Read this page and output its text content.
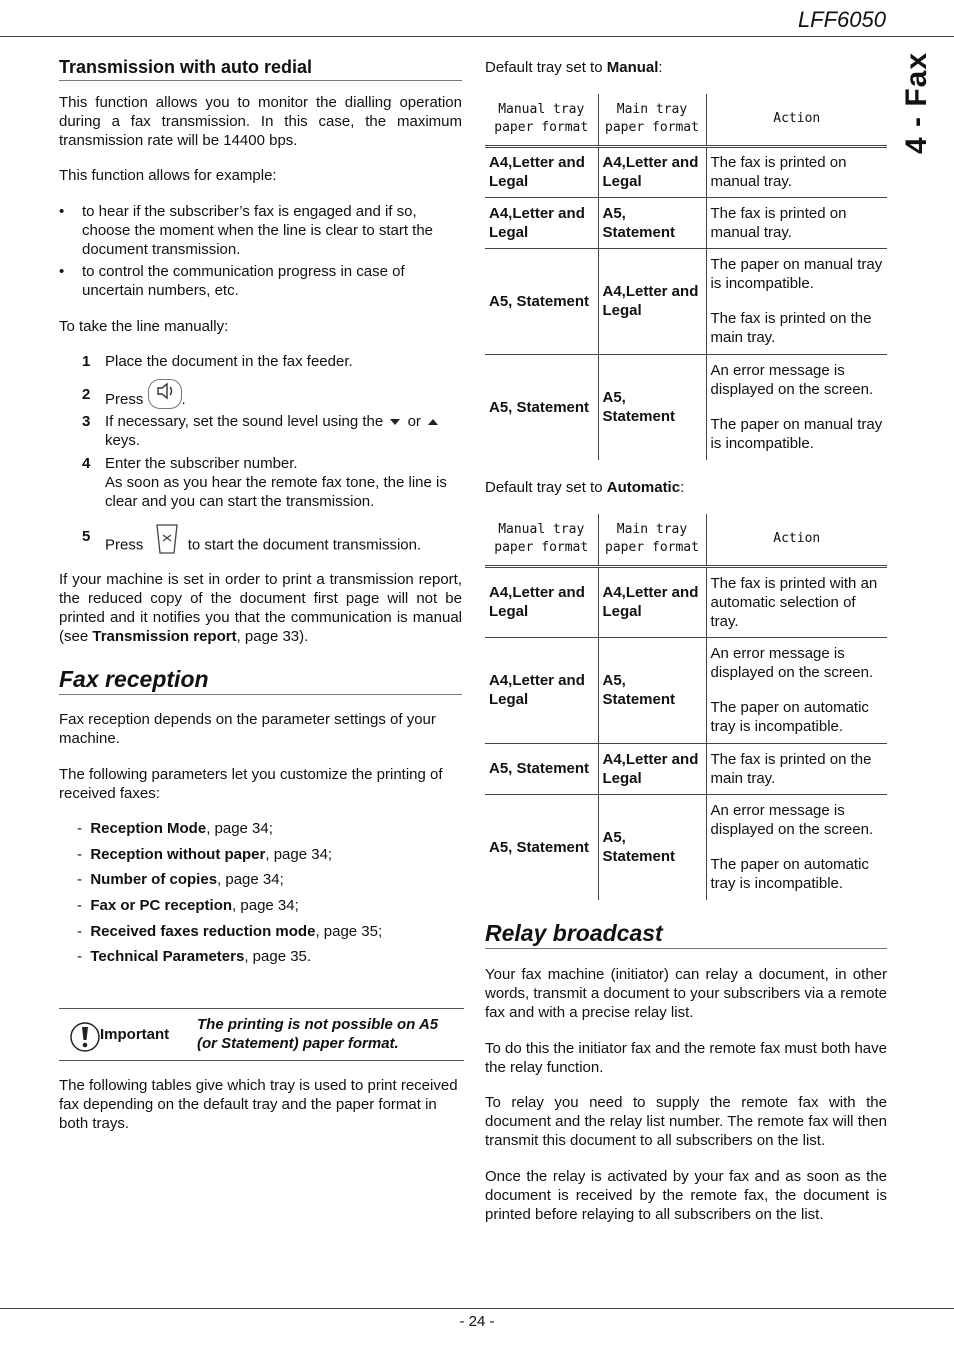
LFF6050
4 - Fax
Transmission with auto redial

This function allows you to monitor the dialling operation during a fax transmission. In this case, the maximum transmission rate will be 14400 bps.

This function allows for example:

• to hear if the subscriber’s fax is engaged and if so, choose the moment when the line is clear to start the document transmission.
• to control the communication progress in case of uncertain numbers, etc.

To take the line manually:

1 Place the document in the fax feeder.
2 Press	.
3 If necessary, set the sound level using the or
keys.
4 Enter the subscriber number.
As soon as you hear the remote fax tone, the line is clear and you can start the transmission.
5 Press	to start the document transmission.

If your machine is set in order to print a transmission report, the reduced copy of the document first page will not be printed and it notifies you that the communication is manual (see Transmission report, page 33).

Fax reception

Fax reception depends on the parameter settings of your machine.

The following parameters let you customize the printing of received faxes:

-  Reception Mode, page 34;
-  Reception without paper, page 34;
-  Number of copies, page 34;
-  Fax or PC reception, page 34;
-  Received faxes reduction mode, page 35;
-  Technical Parameters, page 35.
Important
The printing is not possible on A5 (or Statement) paper format.

The following tables give which tray is used to print received fax depending on the default tray and the paper format in both trays.

Default tray set to Manual:

Manual tray paper format	Main tray paper format	Action
A4,Letter and Legal	A4,Letter and Legal	The fax is printed on manual tray.
A4,Letter and Legal	A5, Statement	The fax is printed on manual tray.
A5, Statement	A4,Letter and Legal	The paper on manual tray is incompatible.
The fax is printed on the main tray.

A5, Statement	A5, Statement	An error message is displayed on the screen.
The paper on manual tray is incompatible.

Default tray set to Automatic:

Manual tray paper format	Main tray paper format	Action
A4,Letter and Legal	A4,Letter and Legal	The fax is printed with an automatic selection of tray.
A4,Letter and Legal	A5, Statement	An error message is displayed on the screen.
The paper on automatic tray is incompatible.

A5, Statement	A4,Letter and Legal	The fax is printed on the main tray.
A5, Statement	A5, Statement	An error message is displayed on the screen.
The paper on automatic tray is incompatible.
Relay broadcast

Your fax machine (initiator) can relay a document, in other words, transmit a document to your subscribers via a remote fax and with a precise relay list.

To do this the initiator fax and the remote fax must both have the relay function.

To relay you need to supply the remote fax with the document and the relay list number. The remote fax will then transmit this document to all subscribers on the list.

Once the relay is activated by your fax and as soon as the document is received by the remote fax, the document is printed before relaying to all subscribers on the list.

- 24 -
